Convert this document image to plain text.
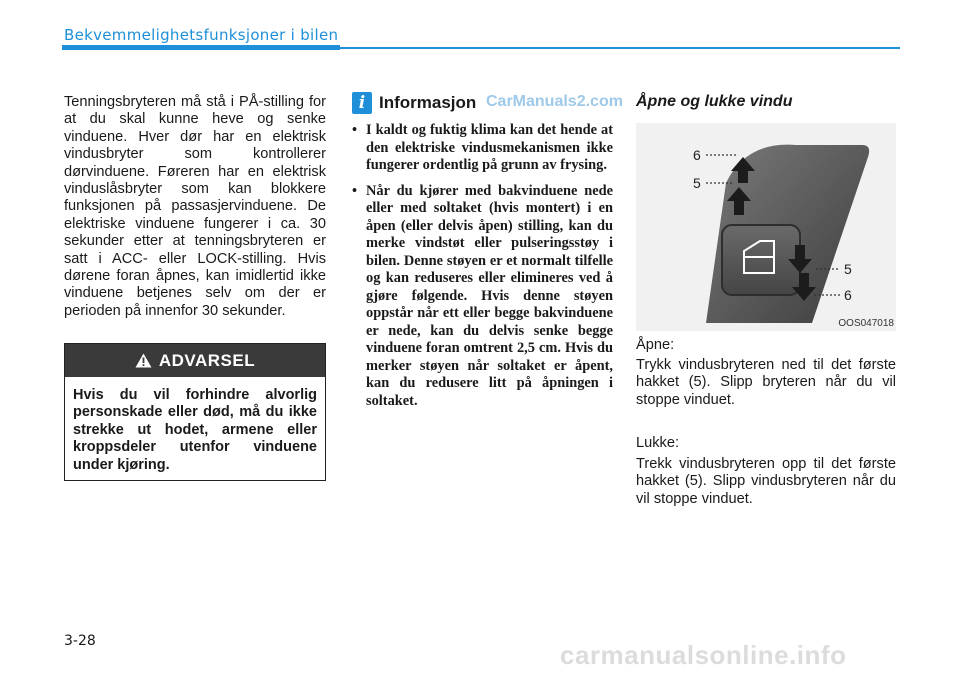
Bekvemmelighetsfunksjoner i bilen
Tenningsbryteren må stå i PÅ-stilling for at du skal kunne heve og senke vinduene. Hver dør har en elektrisk vindusbryter som kontrollerer dørvinduene. Føreren har en elektrisk vinduslåsbryter som kan blokkere funksjonen på passasjervinduene. De elektriske vinduene fungerer i ca. 30 sekunder etter at tenningsbryteren er satt i ACC- eller LOCK-stilling. Hvis dørene foran åpnes, kan imidlertid ikke vinduene betjenes selv om der er perioden på innenfor 30 sekunder.
ADVARSEL
Hvis du vil forhindre alvorlig personskade eller død, må du ikke strekke ut hodet, armene eller kroppsdeler utenfor vinduene under kjøring.
i Informasjon CarManuals2.com
• I kaldt og fuktig klima kan det hende at den elektriske vindusmekanismen ikke fungerer ordentlig på grunn av frysing.
• Når du kjører med bakvinduene nede eller med soltaket (hvis montert) i en åpen (eller delvis åpen) stilling, kan du merke vindstøt eller pulseringsstøy i bilen. Denne støyen er et normalt tilfelle og kan reduseres eller elimineres ved å gjøre følgende. Hvis denne støyen oppstår når ett eller begge bakvinduene er nede, kan du delvis senke begge vinduene foran omtrent 2,5 cm. Hvis du merker støyen når soltaket er åpent, kan du redusere litt på åpningen i soltaket.
Åpne og lukke vindu
6
5
5
6
OOS047018
Åpne:
Trykk vindusbryteren ned til det første hakket (5). Slipp bryteren når du vil stoppe vinduet.
Lukke:
Trekk vindusbryteren opp til det første hakket (5). Slipp vindusbryteren når du vil stoppe vinduet.
3-28	carmanualsonline.info
